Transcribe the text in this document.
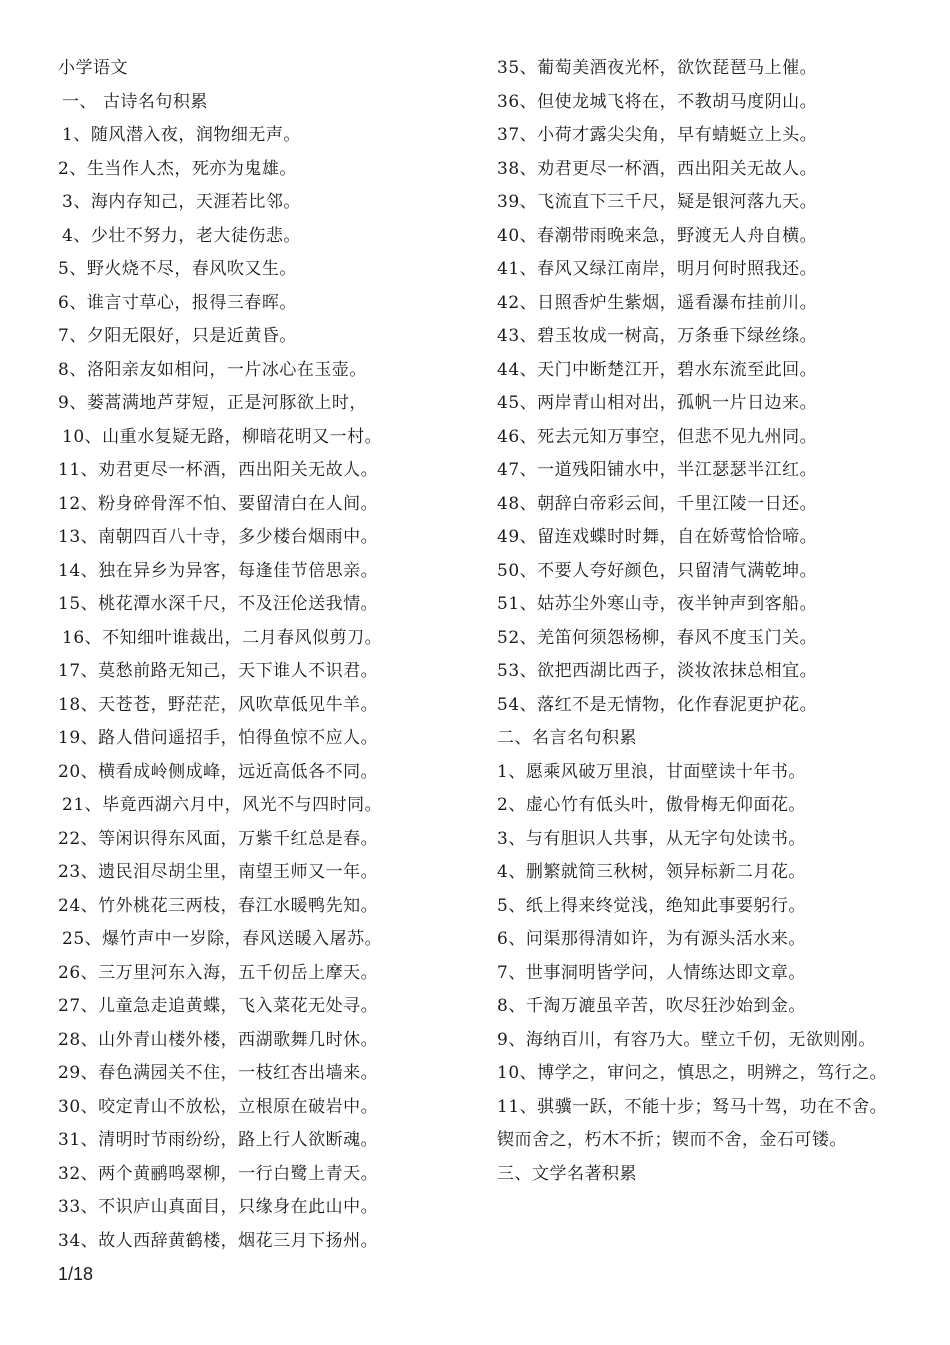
小学语文
一、 古诗名句积累
1、随风潜入夜，润物细无声。
2、生当作人杰，死亦为鬼雄。
3、海内存知己，天涯若比邻。
4、少壮不努力，老大徒伤悲。
5、野火烧不尽，春风吹又生。
6、谁言寸草心，报得三春晖。
7、夕阳无限好，只是近黄昏。
8、洛阳亲友如相问，一片冰心在玉壶。
9、蒌蒿满地芦芽短，正是河豚欲上时，
10、山重水复疑无路，柳暗花明又一村。
11、劝君更尽一杯酒，西出阳关无故人。
12、粉身碎骨浑不怕、要留清白在人间。
13、南朝四百八十寺，多少楼台烟雨中。
14、独在异乡为异客，每逢佳节倍思亲。
15、桃花潭水深千尺，不及汪伦送我情。
16、不知细叶谁裁出，二月春风似剪刀。
17、莫愁前路无知己，天下谁人不识君。
18、天苍苍，野茫茫，风吹草低见牛羊。
19、路人借问遥招手，怕得鱼惊不应人。
20、横看成岭侧成峰，远近高低各不同。
21、毕竟西湖六月中，风光不与四时同。
22、等闲识得东风面，万紫千红总是春。
23、遗民泪尽胡尘里，南望王师又一年。
24、竹外桃花三两枝，春江水暖鸭先知。
25、爆竹声中一岁除，春风送暖入屠苏。
26、三万里河东入海，五千仞岳上摩天。
27、儿童急走追黄蝶，飞入菜花无处寻。
28、山外青山楼外楼，西湖歌舞几时休。
29、春色满园关不住，一枝红杏出墙来。
30、咬定青山不放松，立根原在破岩中。
31、清明时节雨纷纷，路上行人欲断魂。
32、两个黄鹂鸣翠柳，一行白鹭上青天。
33、不识庐山真面目，只缘身在此山中。
34、故人西辞黄鹤楼，烟花三月下扬州。
35、葡萄美酒夜光杯，欲饮琵琶马上催。
36、但使龙城飞将在，不教胡马度阴山。
37、小荷才露尖尖角，早有蜻蜓立上头。
38、劝君更尽一杯酒，西出阳关无故人。
39、飞流直下三千尺，疑是银河落九天。
40、春潮带雨晚来急，野渡无人舟自横。
41、春风又绿江南岸，明月何时照我还。
42、日照香炉生紫烟，遥看瀑布挂前川。
43、碧玉妆成一树高，万条垂下绿丝绦。
44、天门中断楚江开，碧水东流至此回。
45、两岸青山相对出，孤帆一片日边来。
46、死去元知万事空，但悲不见九州同。
47、一道残阳铺水中，半江瑟瑟半江红。
48、朝辞白帝彩云间，千里江陵一日还。
49、留连戏蝶时时舞，自在娇莺恰恰啼。
50、不要人夸好颜色，只留清气满乾坤。
51、姑苏尘外寒山寺，夜半钟声到客船。
52、羌笛何须怨杨柳，春风不度玉门关。
53、欲把西湖比西子，淡妆浓抹总相宜。
54、落红不是无情物，化作春泥更护花。
二、名言名句积累
1、愿乘风破万里浪，甘面壁读十年书。
2、虚心竹有低头叶，傲骨梅无仰面花。
3、与有胆识人共事，从无字句处读书。
4、删繁就简三秋树，领异标新二月花。
5、纸上得来终觉浅，绝知此事要躬行。
6、问渠那得清如许，为有源头活水来。
7、世事洞明皆学问，人情练达即文章。
8、千淘万漉虽辛苦，吹尽狂沙始到金。
9、海纳百川，有容乃大。壁立千仞，无欲则刚。10、博学之，审问之，慎思之，明辨之，笃行之。
11、骐骥一跃，不能十步；驽马十驾，功在不舍。锲而舍之，朽木不折；锲而不舍，金石可镂。
三、文学名著积累
1/18
